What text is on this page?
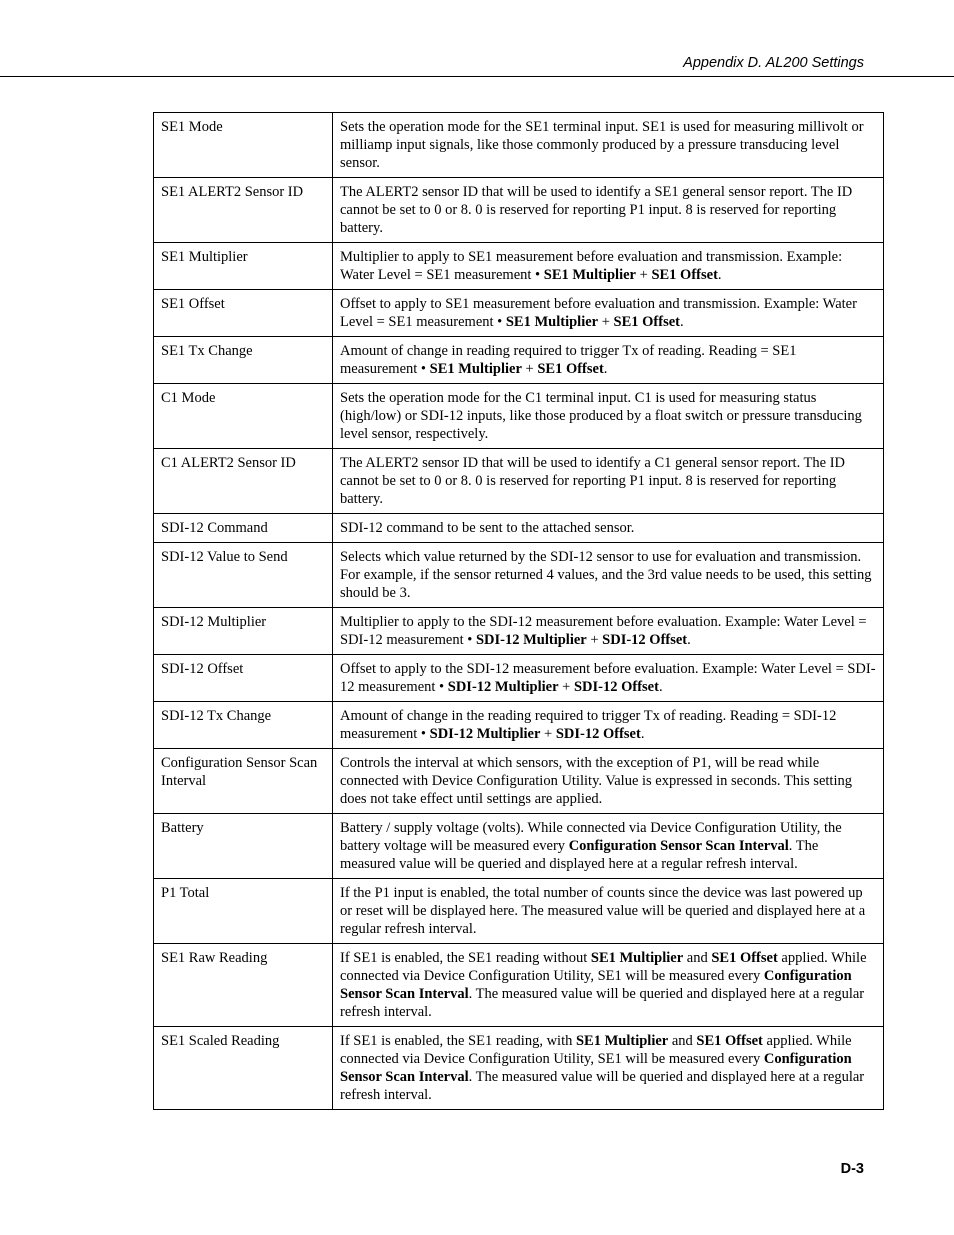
Appendix D. AL200 Settings
SE1 Mode	Sets the operation mode for the SE1 terminal input. SE1 is used for measuring millivolt or milliamp input signals, like those commonly produced by a pressure transducing level sensor.
SE1 ALERT2 Sensor ID	The ALERT2 sensor ID that will be used to identify a SE1 general sensor report. The ID cannot be set to 0 or 8. 0 is reserved for reporting P1 input. 8 is reserved for reporting battery.
SE1 Multiplier	Multiplier to apply to SE1 measurement before evaluation and transmission. Example: Water Level = SE1 measurement • SE1 Multiplier + SE1 Offset.
SE1 Offset	Offset to apply to SE1 measurement before evaluation and transmission. Example: Water Level = SE1 measurement • SE1 Multiplier + SE1 Offset.
SE1 Tx Change	Amount of change in reading required to trigger Tx of reading. Reading = SE1 measurement • SE1 Multiplier + SE1 Offset.
C1 Mode	Sets the operation mode for the C1 terminal input. C1 is used for measuring status (high/low) or SDI-12 inputs, like those produced by a float switch or pressure transducing level sensor, respectively.
C1 ALERT2 Sensor ID	The ALERT2 sensor ID that will be used to identify a C1 general sensor report. The ID cannot be set to 0 or 8. 0 is reserved for reporting P1 input. 8 is reserved for reporting battery.
SDI-12 Command	SDI-12 command to be sent to the attached sensor.
SDI-12 Value to Send	Selects which value returned by the SDI-12 sensor to use for evaluation and transmission. For example, if the sensor returned 4 values, and the 3rd value needs to be used, this setting should be 3.
SDI-12 Multiplier	Multiplier to apply to the SDI-12 measurement before evaluation. Example: Water Level = SDI-12 measurement • SDI-12 Multiplier + SDI-12 Offset.
SDI-12 Offset	Offset to apply to the SDI-12 measurement before evaluation. Example: Water Level = SDI-12 measurement • SDI-12 Multiplier + SDI-12 Offset.
SDI-12 Tx Change	Amount of change in the reading required to trigger Tx of reading. Reading = SDI-12 measurement • SDI-12 Multiplier + SDI-12 Offset.
Configuration Sensor Scan Interval	Controls the interval at which sensors, with the exception of P1, will be read while connected with Device Configuration Utility. Value is expressed in seconds. This setting does not take effect until settings are applied.
Battery	Battery / supply voltage (volts). While connected via Device Configuration Utility, the battery voltage will be measured every Configuration Sensor Scan Interval. The measured value will be queried and displayed here at a regular refresh interval.
P1 Total	If the P1 input is enabled, the total number of counts since the device was last powered up or reset will be displayed here. The measured value will be queried and displayed here at a regular refresh interval.
SE1 Raw Reading	If SE1 is enabled, the SE1 reading without SE1 Multiplier and SE1 Offset applied. While connected via Device Configuration Utility, SE1 will be measured every Configuration Sensor Scan Interval. The measured value will be queried and displayed here at a regular refresh interval.
SE1 Scaled Reading	If SE1 is enabled, the SE1 reading, with SE1 Multiplier and SE1 Offset applied. While connected via Device Configuration Utility, SE1 will be measured every Configuration Sensor Scan Interval. The measured value will be queried and displayed here at a regular refresh interval.
D-3
